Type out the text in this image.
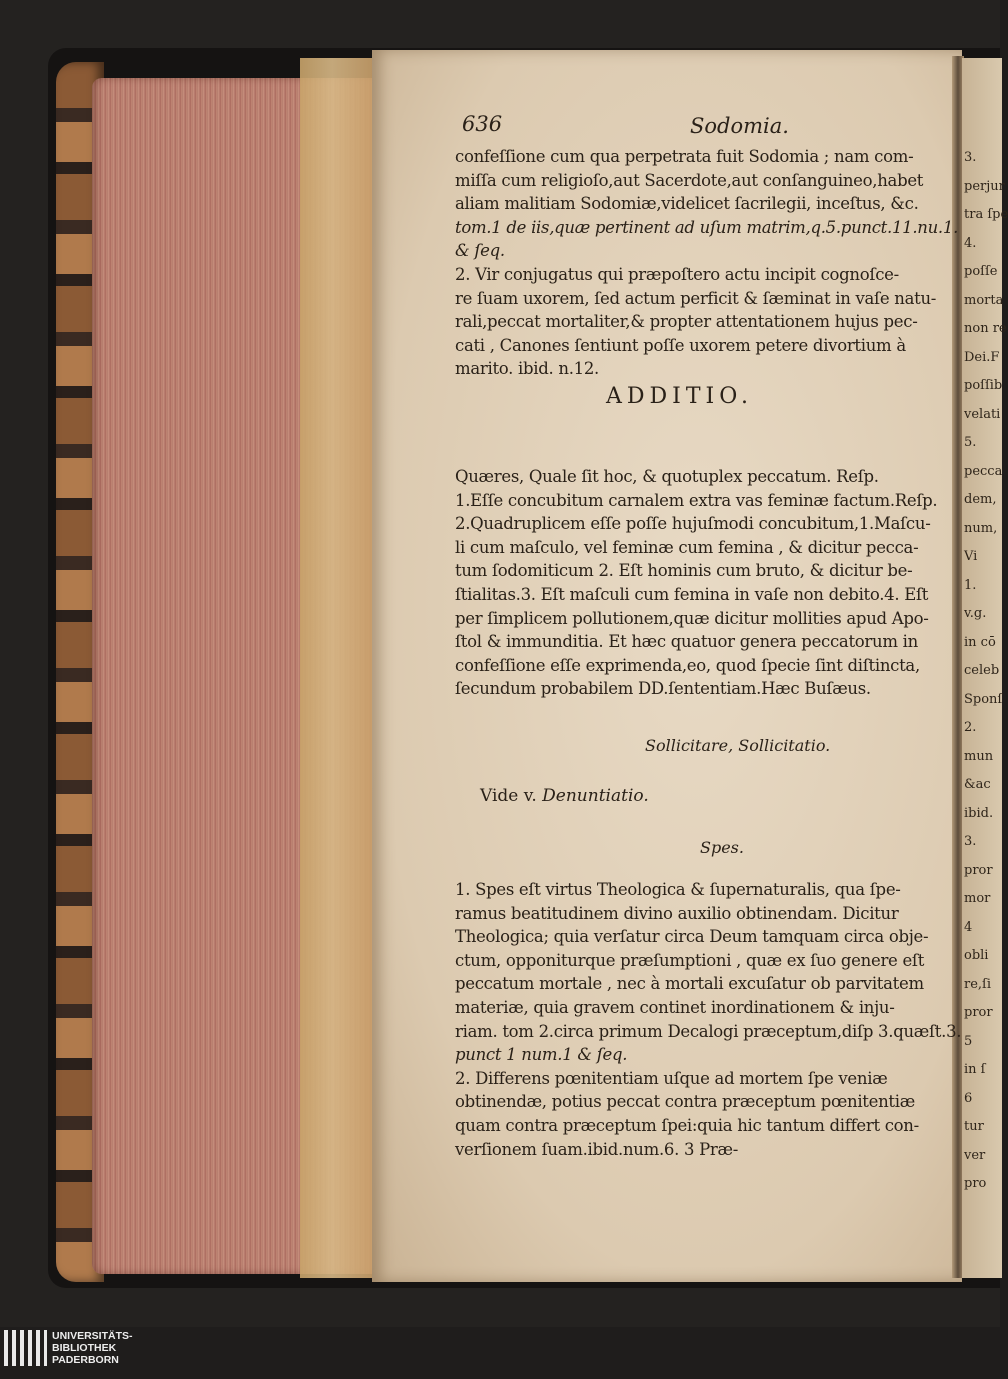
3.
perjur
tra ſpe
4.
poſſe
morta
non re
Dei.F
poſſib
velati
5.
pecca
dem,
num,
Vi
1.
v.g.
in cō
celeb
Sponſ
2.
mun
&ac
ibid.
3.
pror
mor
4
obli
re,ſi
pror
5
in ſ
6
tur
ver
pro
636	Sodomia.
confeſſione cum qua perpetrata fuit Sodomia ; nam com-
miſſa cum religioſo,aut Sacerdote,aut conſanguineo,habet
aliam malitiam Sodomiæ,videlicet ſacrilegii, inceſtus, &c.
tom.1 de iis,quæ pertinent ad uſum matrim,q.5.punct.11.nu.1.
& ſeq.
2. Vir conjugatus qui præpoſtero actu incipit cognoſce-
re ſuam uxorem, ſed actum perficit & ſæminat in vaſe natu-
rali,peccat mortaliter,& propter attentationem hujus pec-
cati , Canones ſentiunt poſſe uxorem petere divortium à
marito. ibid. n.12.
ADDITIO.
Quæres, Quale ſit hoc, & quotuplex peccatum. Reſp.
1.Eſſe concubitum carnalem extra vas feminæ factum.Reſp.
2.Quadruplicem eſſe poſſe hujuſmodi concubitum,1.Maſcu-
li cum maſculo, vel feminæ cum femina , & dicitur pecca-
tum ſodomiticum 2. Eſt hominis cum bruto, & dicitur be-
ſtialitas.3. Eſt maſculi cum femina in vaſe non debito.4. Eſt
per ſimplicem pollutionem,quæ dicitur mollities apud Apo-
ſtol & immunditia. Et hæc quatuor genera peccatorum in
confeſſione eſſe exprimenda,eo, quod ſpecie ſint diſtincta,
ſecundum probabilem DD.ſententiam.Hæc Buſæus.
Sollicitare, Sollicitatio.
Vide v. Denuntiatio.
Spes.
1. Spes eſt virtus Theologica & ſupernaturalis, qua ſpe-
ramus beatitudinem divino auxilio obtinendam. Dicitur
Theologica; quia verſatur circa Deum tamquam circa obje-
ctum, opponiturque præſumptioni , quæ ex ſuo genere eſt
peccatum mortale , nec à mortali excuſatur ob parvitatem
materiæ, quia gravem continet inordinationem & inju-
riam. tom 2.circa primum Decalogi præceptum,diſp 3.quæſt.3.
punct 1 num.1 & ſeq.
2. Differens pœnitentiam uſque ad mortem ſpe veniæ
obtinendæ, potius peccat contra præceptum pœnitentiæ
quam contra præceptum ſpei:quia hic tantum differt con-
verſionem ſuam.ibid.num.6. 3 Præ-
UNIVERSITÄTS-
BIBLIOTHEK
PADERBORN
